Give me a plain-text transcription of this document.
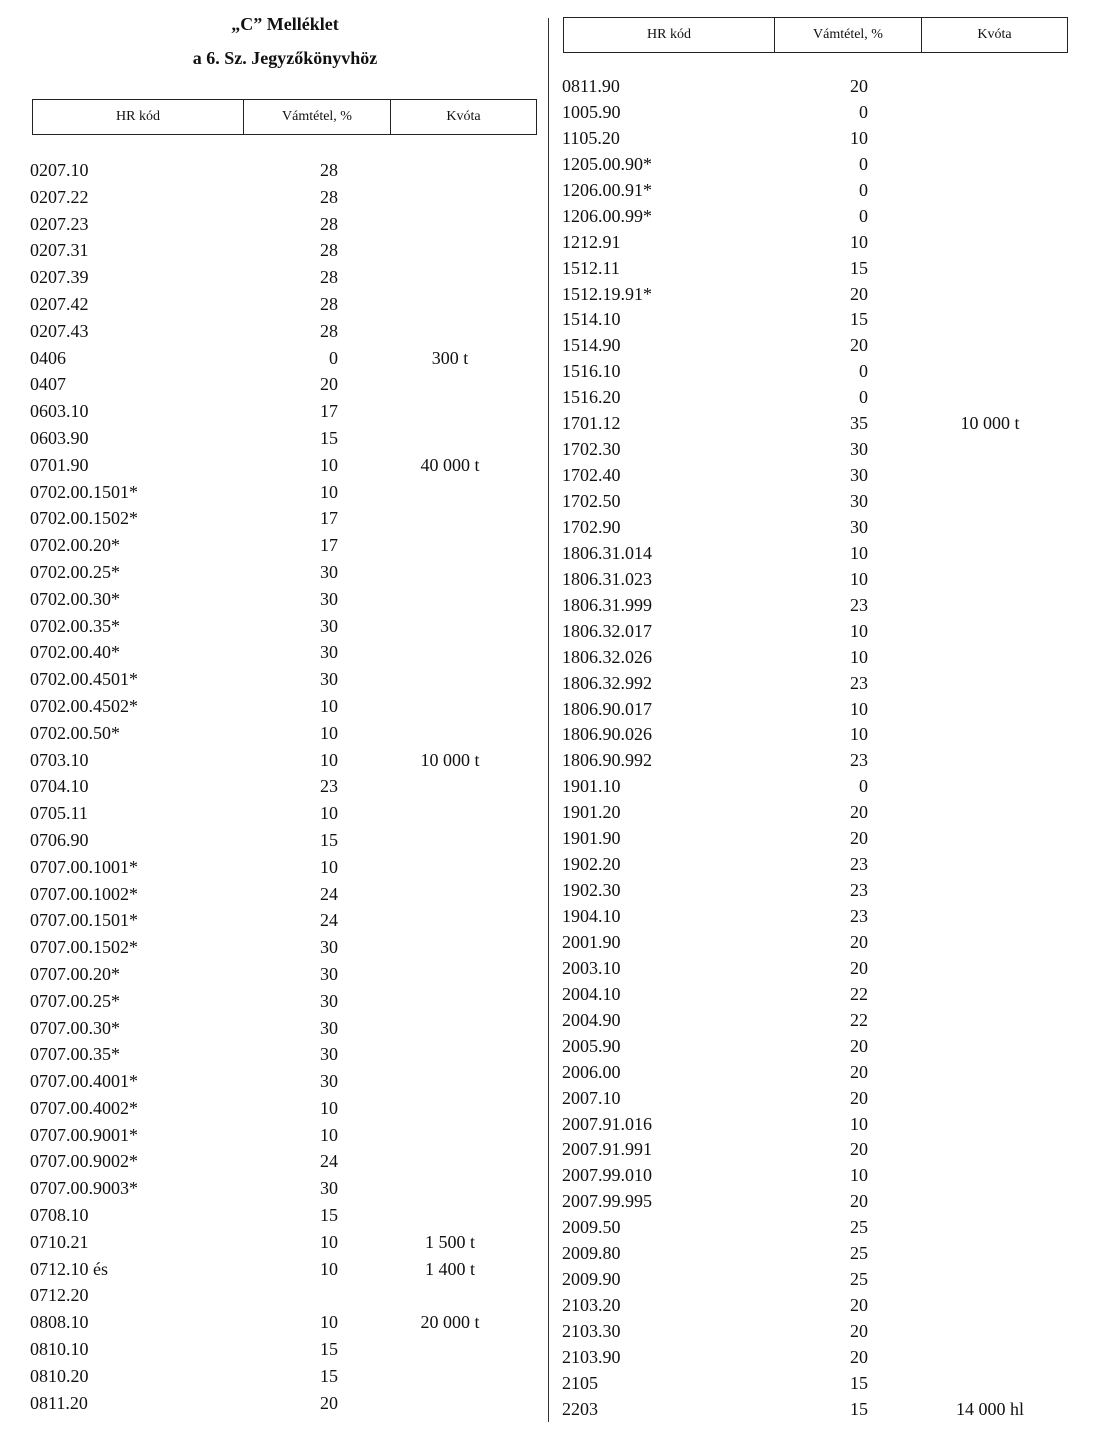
„C” Melléklet
a 6. Sz. Jegyzőkönyvhöz
HR kód	Vámtétel, %	Kvóta
HR kód	Vámtétel, %	Kvóta
0207.10	28
0207.22	28
0207.23	28
0207.31	28
0207.39	28
0207.42	28
0207.43	28
0406	0	300 t
0407	20
0603.10	17
0603.90	15
0701.90	10	40 000 t
0702.00.1501*	10
0702.00.1502*	17
0702.00.20*	17
0702.00.25*	30
0702.00.30*	30
0702.00.35*	30
0702.00.40*	30
0702.00.4501*	30
0702.00.4502*	10
0702.00.50*	10
0703.10	10	10 000 t
0704.10	23
0705.11	10
0706.90	15
0707.00.1001*	10
0707.00.1002*	24
0707.00.1501*	24
0707.00.1502*	30
0707.00.20*	30
0707.00.25*	30
0707.00.30*	30
0707.00.35*	30
0707.00.4001*	30
0707.00.4002*	10
0707.00.9001*	10
0707.00.9002*	24
0707.00.9003*	30
0708.10	15
0710.21	10	1 500 t
0712.10 és	10	1 400 t
0712.20
0808.10	10	20 000 t
0810.10	15
0810.20	15
0811.20	20
0811.90	20
1005.90	0
1105.20	10
1205.00.90*	0
1206.00.91*	0
1206.00.99*	0
1212.91	10
1512.11	15
1512.19.91*	20
1514.10	15
1514.90	20
1516.10	0
1516.20	0
1701.12	35	10 000 t
1702.30	30
1702.40	30
1702.50	30
1702.90	30
1806.31.014	10
1806.31.023	10
1806.31.999	23
1806.32.017	10
1806.32.026	10
1806.32.992	23
1806.90.017	10
1806.90.026	10
1806.90.992	23
1901.10	0
1901.20	20
1901.90	20
1902.20	23
1902.30	23
1904.10	23
2001.90	20
2003.10	20
2004.10	22
2004.90	22
2005.90	20
2006.00	20
2007.10	20
2007.91.016	10
2007.91.991	20
2007.99.010	10
2007.99.995	20
2009.50	25
2009.80	25
2009.90	25
2103.20	20
2103.30	20
2103.90	20
2105	15
2203	15	14 000 hl
